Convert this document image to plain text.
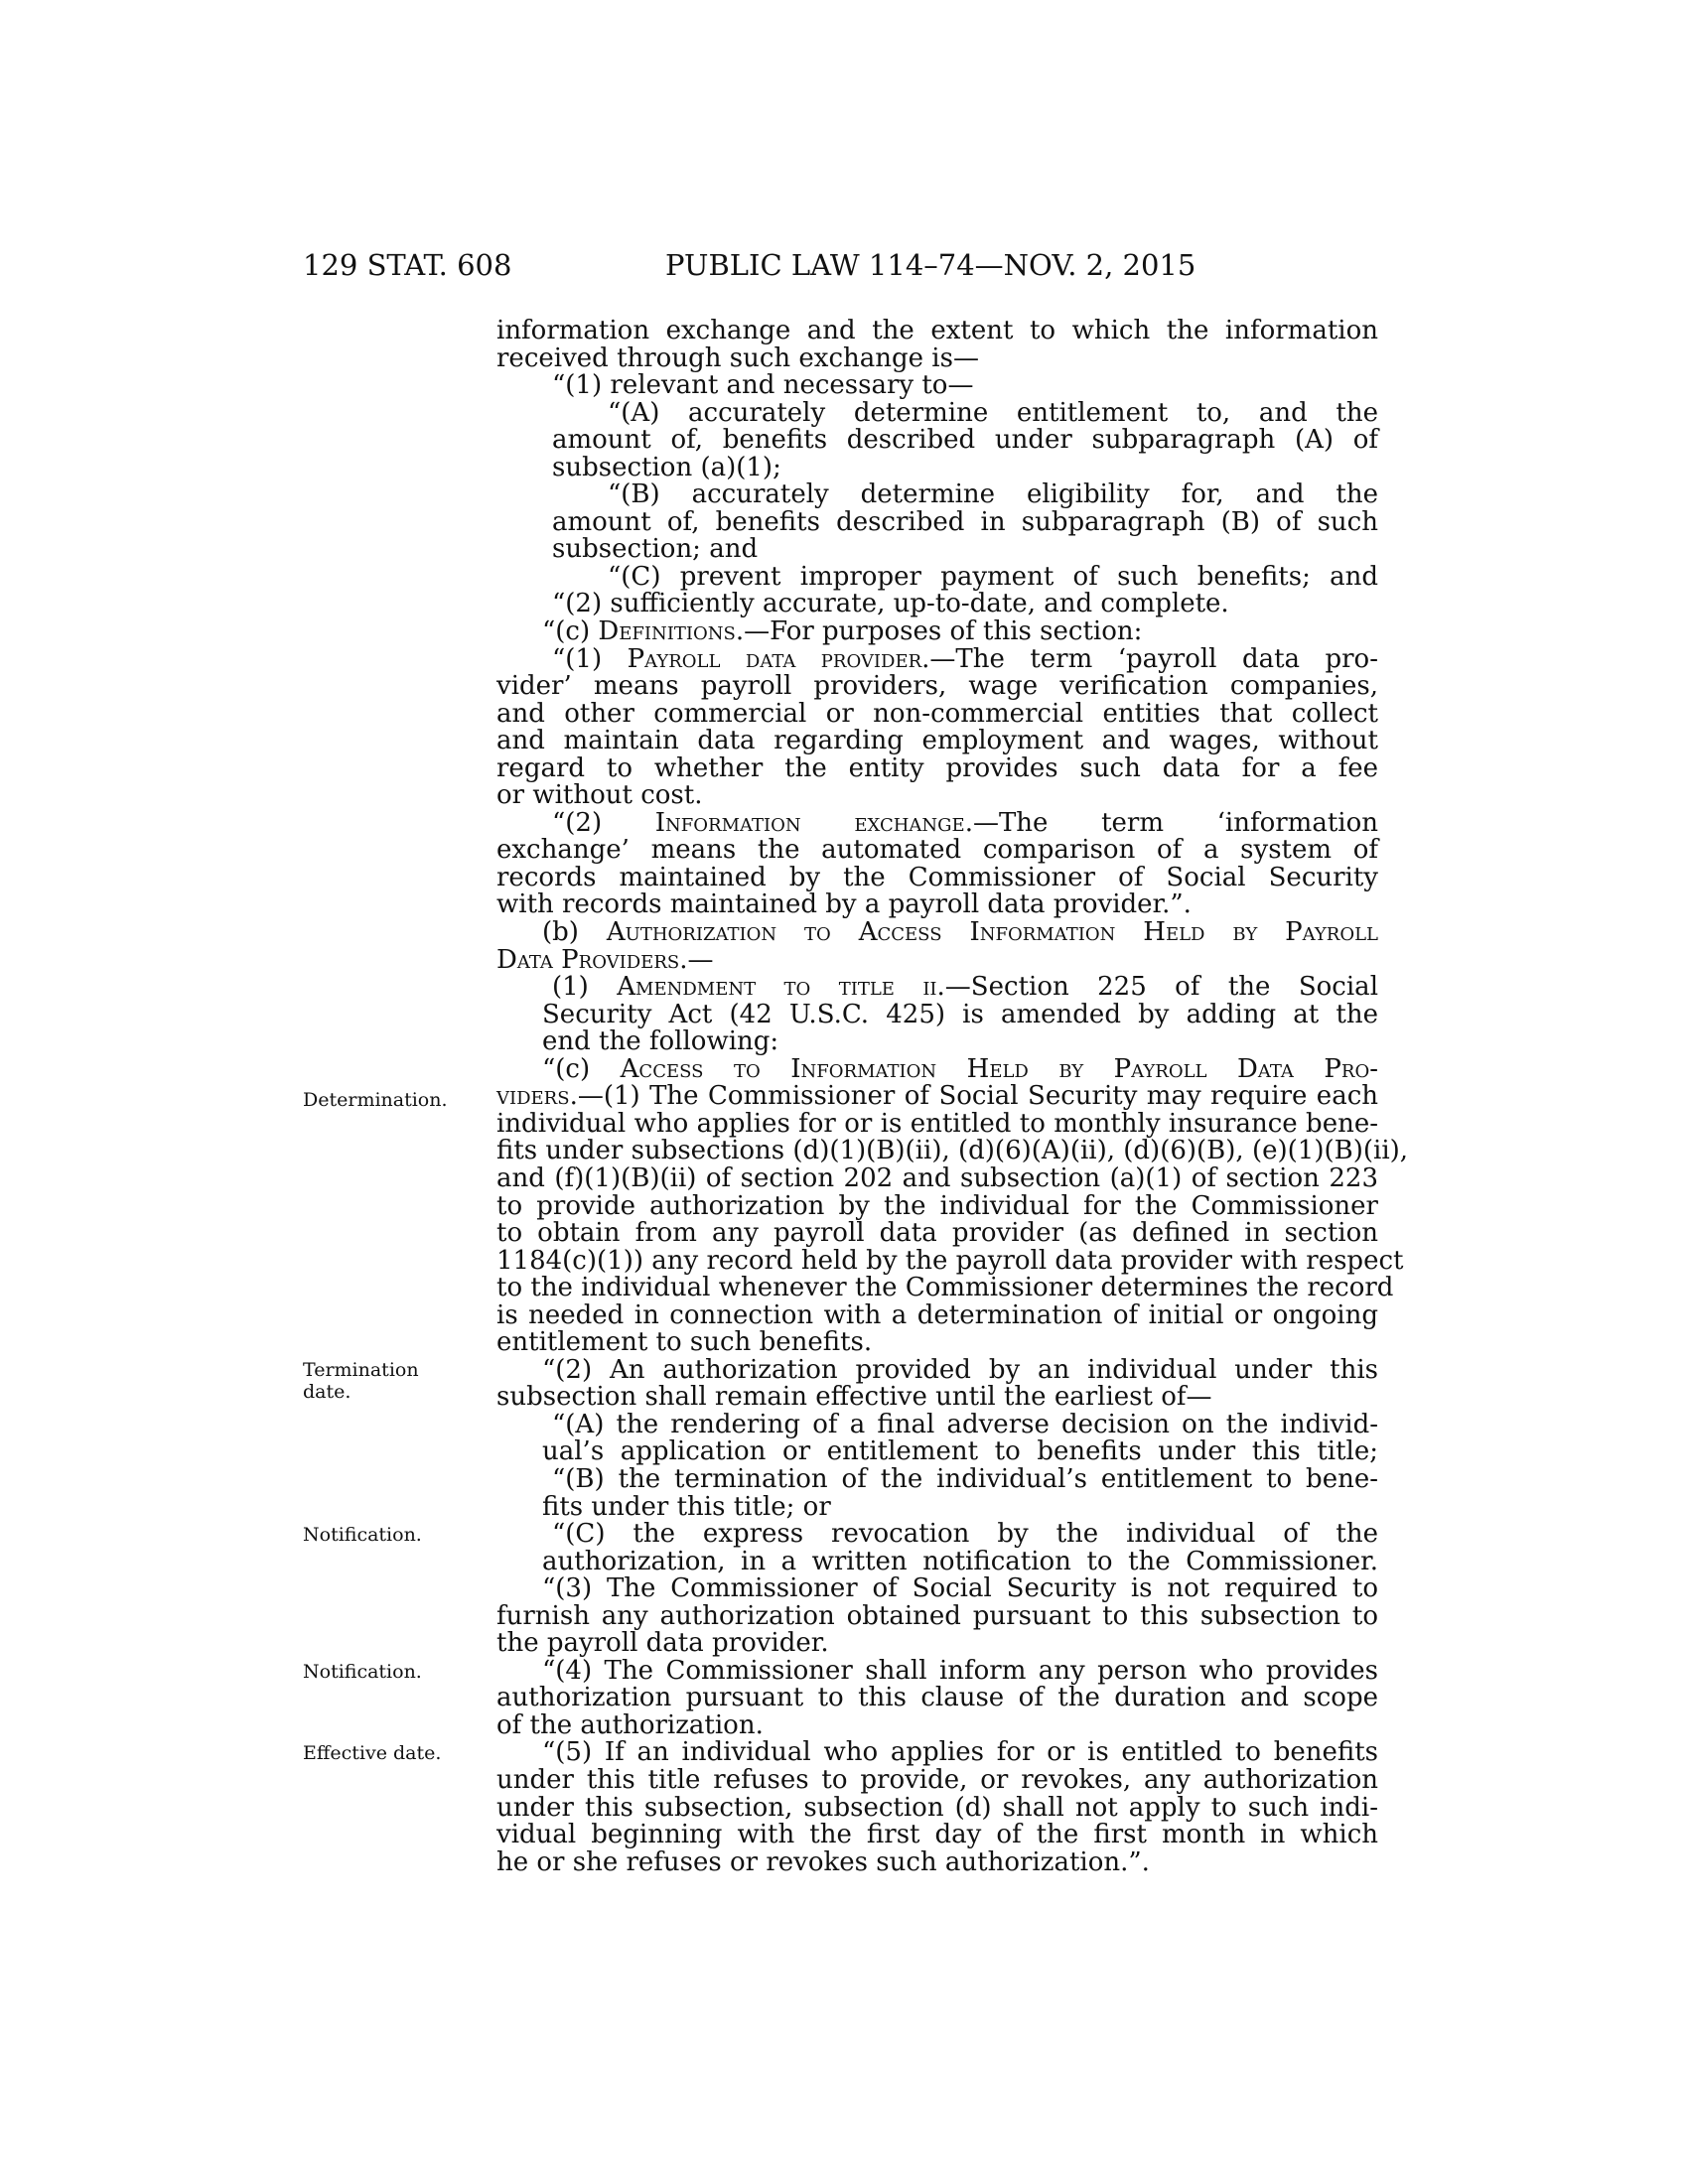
129 STAT. 608	PUBLIC LAW 114–74—NOV. 2, 2015
Determination.
Termination
date.
Notification.
Notification.
Effective date.
information exchange and the extent to which the information
received through such exchange is—
“(1) relevant and necessary to—
“(A) accurately determine entitlement to, and the
amount of, benefits described under subparagraph (A) of
subsection (a)(1);
“(B) accurately determine eligibility for, and the
amount of, benefits described in subparagraph (B) of such
subsection; and
“(C) prevent improper payment of such benefits; and
“(2) sufficiently accurate, up-to-date, and complete.
“(c) Definitions.—For purposes of this section:
“(1) Payroll data provider.—The term ‘payroll data pro-
vider’ means payroll providers, wage verification companies,
and other commercial or non-commercial entities that collect
and maintain data regarding employment and wages, without
regard to whether the entity provides such data for a fee
or without cost.
“(2) Information exchange.—The term ‘information
exchange’ means the automated comparison of a system of
records maintained by the Commissioner of Social Security
with records maintained by a payroll data provider.”.
(b) Authorization to Access Information Held by Payroll
Data Providers.—
(1) Amendment to title ii.—Section 225 of the Social
Security Act (42 U.S.C. 425) is amended by adding at the
end the following:
“(c) Access to Information Held by Payroll Data Pro-
viders.—(1) The Commissioner of Social Security may require each
individual who applies for or is entitled to monthly insurance bene-
fits under subsections (d)(1)(B)(ii), (d)(6)(A)(ii), (d)(6)(B), (e)(1)(B)(ii),
and (f)(1)(B)(ii) of section 202 and subsection (a)(1) of section 223
to provide authorization by the individual for the Commissioner
to obtain from any payroll data provider (as defined in section
1184(c)(1)) any record held by the payroll data provider with respect
to the individual whenever the Commissioner determines the record
is needed in connection with a determination of initial or ongoing
entitlement to such benefits.
“(2) An authorization provided by an individual under this
subsection shall remain effective until the earliest of—
“(A) the rendering of a final adverse decision on the individ-
ual’s application or entitlement to benefits under this title;
“(B) the termination of the individual’s entitlement to bene-
fits under this title; or
“(C) the express revocation by the individual of the
authorization, in a written notification to the Commissioner.
“(3) The Commissioner of Social Security is not required to
furnish any authorization obtained pursuant to this subsection to
the payroll data provider.
“(4) The Commissioner shall inform any person who provides
authorization pursuant to this clause of the duration and scope
of the authorization.
“(5) If an individual who applies for or is entitled to benefits
under this title refuses to provide, or revokes, any authorization
under this subsection, subsection (d) shall not apply to such indi-
vidual beginning with the first day of the first month in which
he or she refuses or revokes such authorization.”.
